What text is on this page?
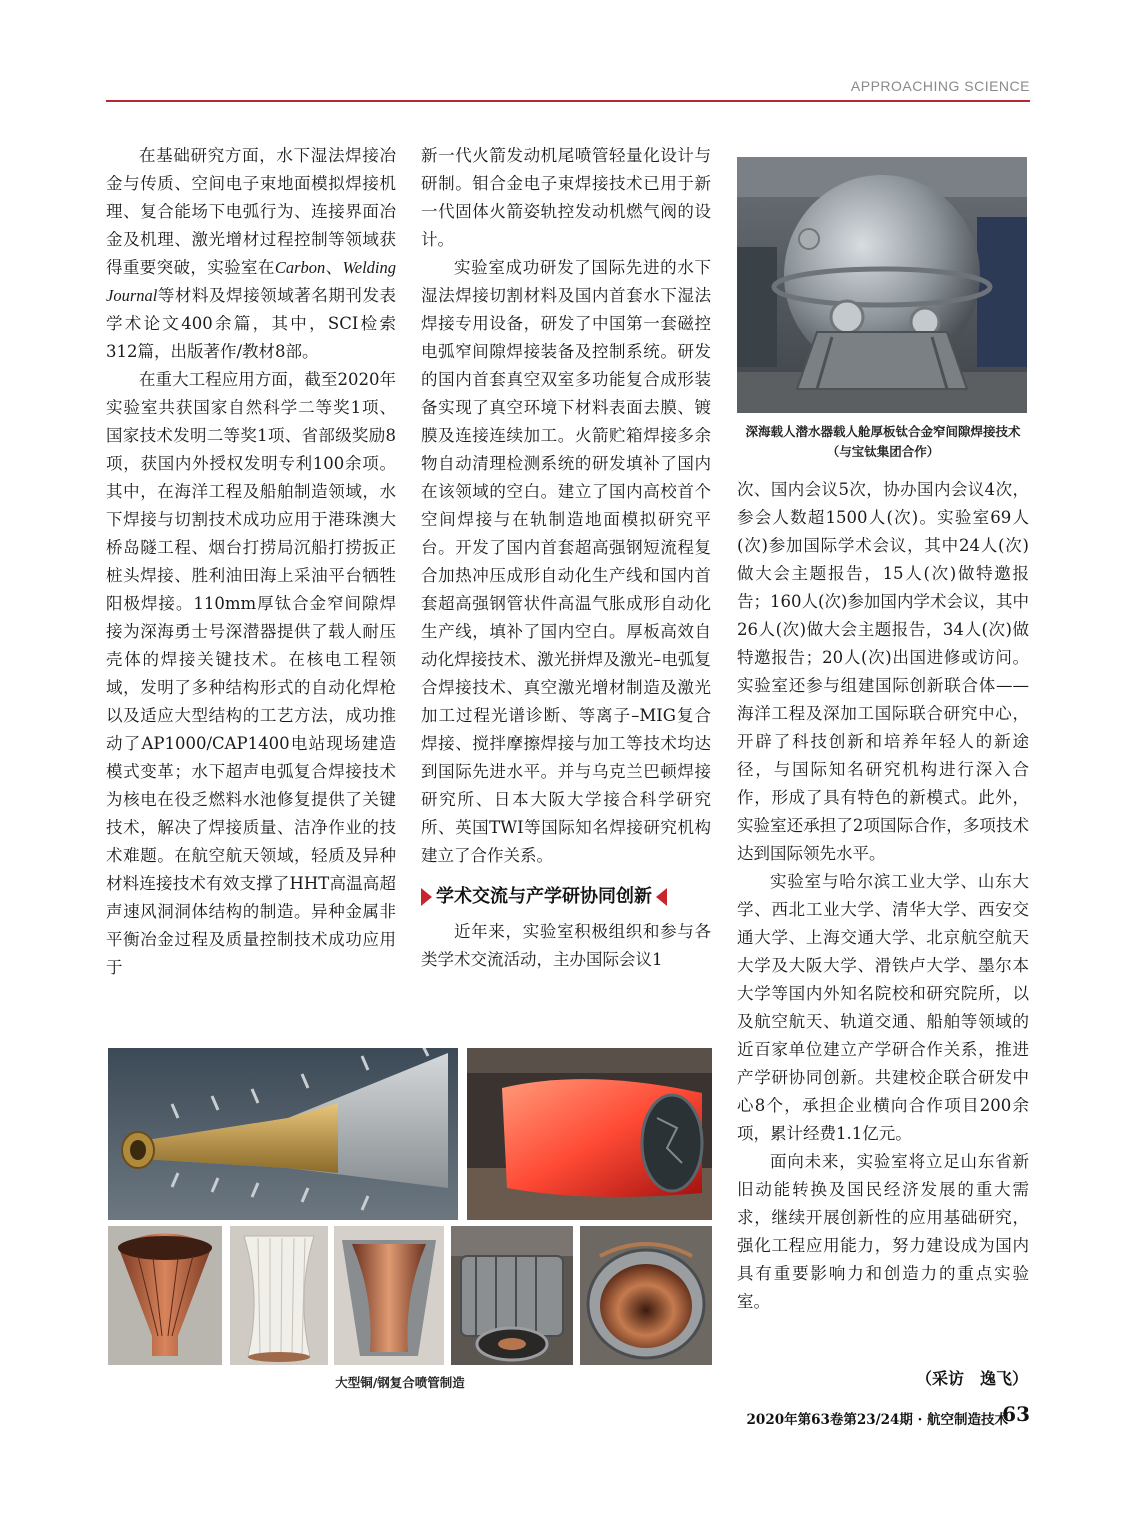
APPROACHING SCIENCE

在基础研究方面，水下湿法焊接冶金与传质、空间电子束地面模拟焊接机理、复合能场下电弧行为、连接界面冶金及机理、激光增材过程控制等领域获得重要突破，实验室在Carbon、Welding Journal等材料及焊接领域著名期刊发表学术论文400余篇，其中，SCI检索312篇，出版著作/教材8部。

在重大工程应用方面，截至2020年实验室共获国家自然科学二等奖1项、国家技术发明二等奖1项、省部级奖励8项，获国内外授权发明专利100余项。其中，在海洋工程及船舶制造领域，水下焊接与切割技术成功应用于港珠澳大桥岛隧工程、烟台打捞局沉船打捞扳正桩头焊接、胜利油田海上采油平台牺牲阳极焊接。110mm厚钛合金窄间隙焊接为深海勇士号深潜器提供了载人耐压壳体的焊接关键技术。在核电工程领域，发明了多种结构形式的自动化焊枪以及适应大型结构的工艺方法，成功推动了AP1000/CAP1400电站现场建造模式变革；水下超声电弧复合焊接技术为核电在役乏燃料水池修复提供了关键技术，解决了焊接质量、洁净作业的技术难题。在航空航天领域，轻质及异种材料连接技术有效支撑了HHT高温高超声速风洞洞体结构的制造。异种金属非平衡冶金过程及质量控制技术成功应用于

新一代火箭发动机尾喷管轻量化设计与研制。钼合金电子束焊接技术已用于新一代固体火箭姿轨控发动机燃气阀的设计。

实验室成功研发了国际先进的水下湿法焊接切割材料及国内首套水下湿法焊接专用设备，研发了中国第一套磁控电弧窄间隙焊接装备及控制系统。研发的国内首套真空双室多功能复合成形装备实现了真空环境下材料表面去膜、镀膜及连接连续加工。火箭贮箱焊接多余物自动清理检测系统的研发填补了国内在该领域的空白。建立了国内高校首个空间焊接与在轨制造地面模拟研究平台。开发了国内首套超高强钢短流程复合加热冲压成形自动化生产线和国内首套超高强钢管状件高温气胀成形自动化生产线，填补了国内空白。厚板高效自动化焊接技术、激光拼焊及激光–电弧复合焊接技术、真空激光增材制造及激光加工过程光谱诊断、等离子–MIG复合焊接、搅拌摩擦焊接与加工等技术均达到国际先进水平。并与乌克兰巴顿焊接研究所、日本大阪大学接合科学研究所、英国TWI等国际知名焊接研究机构建立了合作关系。

学术交流与产学研协同创新

近年来，实验室积极组织和参与各类学术交流活动，主办国际会议1

次、国内会议5次，协办国内会议4次，参会人数超1500人(次)。实验室69人(次)参加国际学术会议，其中24人(次)做大会主题报告，15人(次)做特邀报告；160人(次)参加国内学术会议，其中26人(次)做大会主题报告，34人(次)做特邀报告；20人(次)出国进修或访问。实验室还参与组建国际创新联合体——海洋工程及深加工国际联合研究中心，开辟了科技创新和培养年轻人的新途径，与国际知名研究机构进行深入合作，形成了具有特色的新模式。此外，实验室还承担了2项国际合作，多项技术达到国际领先水平。

实验室与哈尔滨工业大学、山东大学、西北工业大学、清华大学、西安交通大学、上海交通大学、北京航空航天大学及大阪大学、滑铁卢大学、墨尔本大学等国内外知名院校和研究院所，以及航空航天、轨道交通、船舶等领域的近百家单位建立产学研合作关系，推进产学研协同创新。共建校企联合研发中心8个，承担企业横向合作项目200余项，累计经费1.1亿元。

面向未来，实验室将立足山东省新旧动能转换及国民经济发展的重大需求，继续开展创新性的应用基础研究，强化工程应用能力，努力建设成为国内具有重要影响力和创造力的重点实验室。

深海载人潜水器载人舱厚板钛合金窄间隙焊接技术（与宝钛集团合作）
大型铜/钢复合喷管制造	（采访　逸飞）
2020年第63卷第23/24期 · 航空制造技术
63
